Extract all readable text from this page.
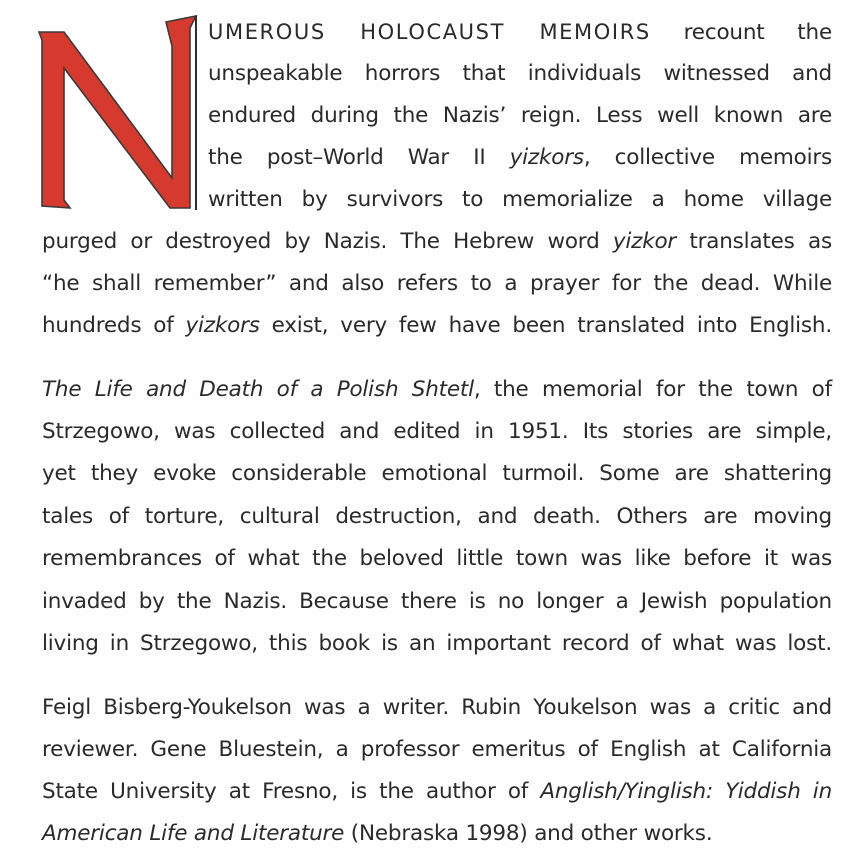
UMEROUS HOLOCAUST MEMOIRS recount the
unspeakable horrors that individuals witnessed and
endured during the Nazis’ reign. Less well known are
the post–World War II yizkors, collective memoirs
written by survivors to memorialize a home village
purged or destroyed by Nazis. The Hebrew word yizkor translates as
“he shall remember” and also refers to a prayer for the dead. While
hundreds of yizkors exist, very few have been translated into English.
The Life and Death of a Polish Shtetl, the memorial for the town of
Strzegowo, was collected and edited in 1951. Its stories are simple,
yet they evoke considerable emotional turmoil. Some are shattering
tales of torture, cultural destruction, and death. Others are moving
remembrances of what the beloved little town was like before it was
invaded by the Nazis. Because there is no longer a Jewish population
living in Strzegowo, this book is an important record of what was lost.
Feigl Bisberg-Youkelson was a writer. Rubin Youkelson was a critic and
reviewer. Gene Bluestein, a professor emeritus of English at California
State University at Fresno, is the author of Anglish/Yinglish: Yiddish in
American Life and Literature (Nebraska 1998) and other works.
